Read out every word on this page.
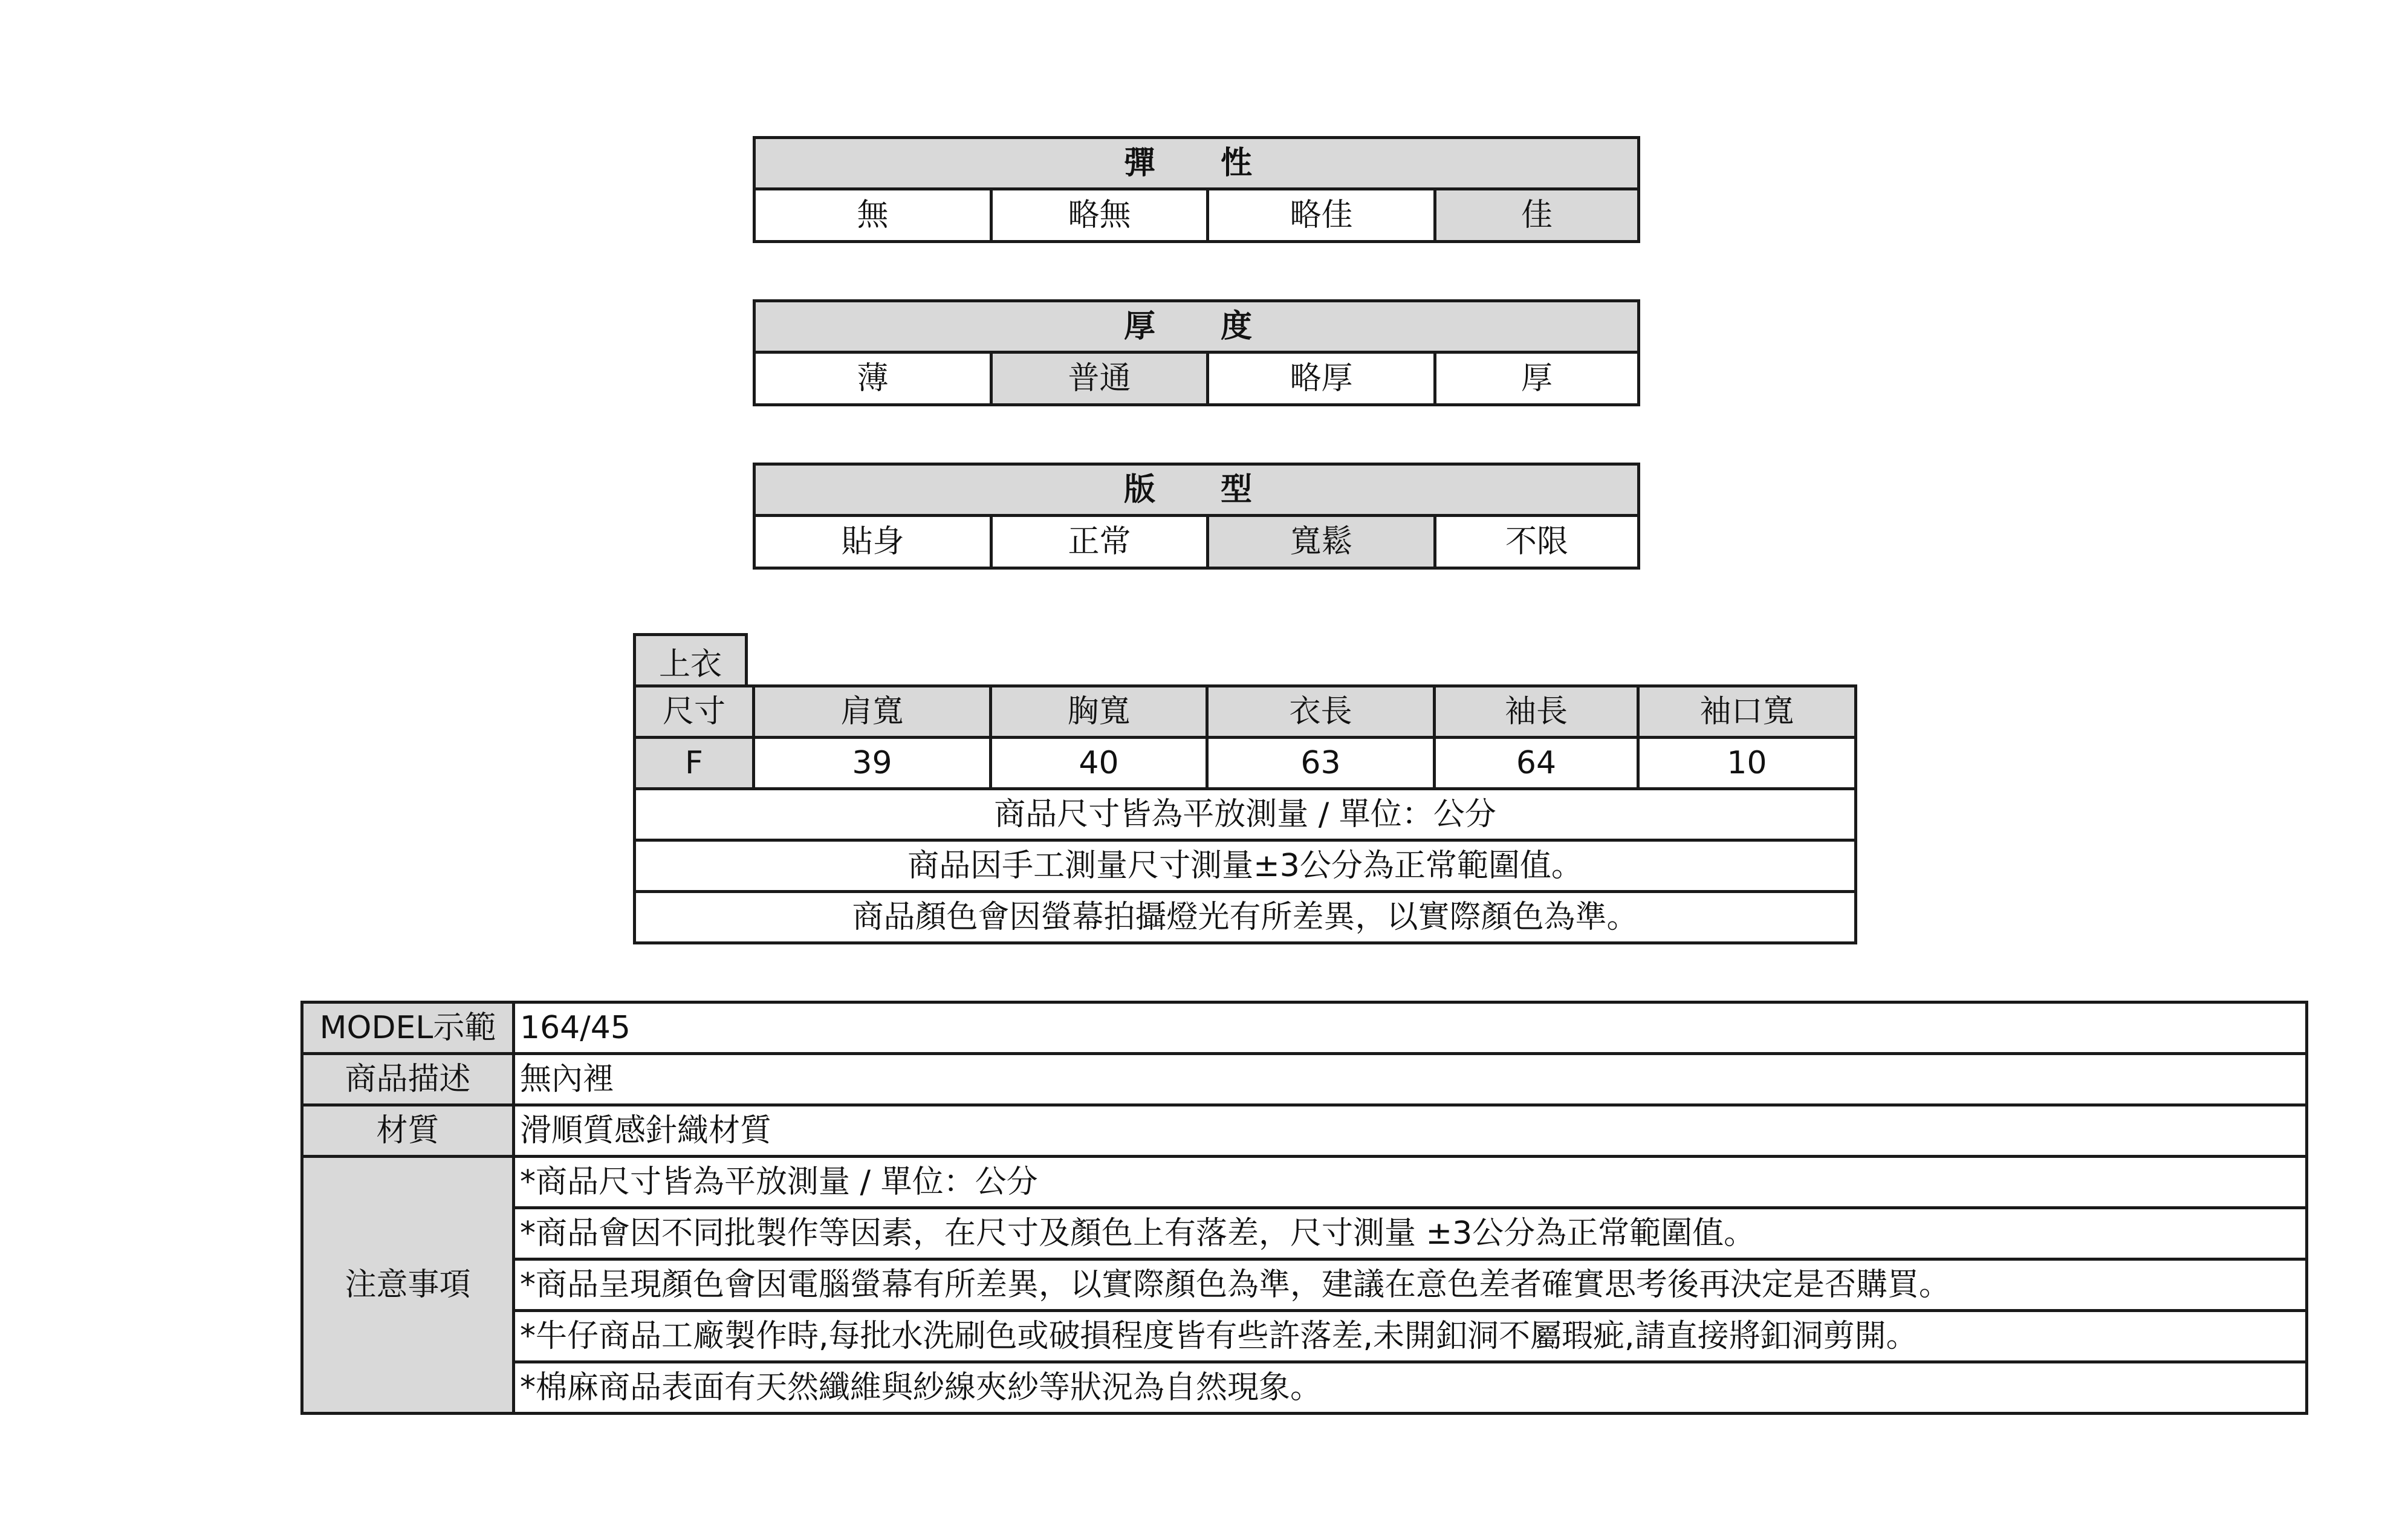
彈　性
無	略無	略佳	佳
厚　度
薄	普通	略厚	厚
版　型
貼身	正常	寬鬆	不限
上衣
尺寸	肩寬	胸寬	衣長	袖長	袖口寬
F	39	40	63	64	10
商品尺寸皆為平放測量 / 單位：公分					
商品因手工測量尺寸測量±3公分為正常範圍值。					
商品顏色會因螢幕拍攝燈光有所差異，以實際顏色為準。					
MODEL示範	164/45
商品描述	無內裡
材質	滑順質感針織材質
注意事項	*商品尺寸皆為平放測量 / 單位：公分
	*商品會因不同批製作等因素，在尺寸及顏色上有落差，尺寸測量 ±3公分為正常範圍值。
	*商品呈現顏色會因電腦螢幕有所差異，以實際顏色為準，建議在意色差者確實思考後再決定是否購買。
	*牛仔商品工廠製作時,每批水洗刷色或破損程度皆有些許落差,未開釦洞不屬瑕疵,請直接將釦洞剪開。
	*棉麻商品表面有天然纖維與紗線夾紗等狀況為自然現象。
